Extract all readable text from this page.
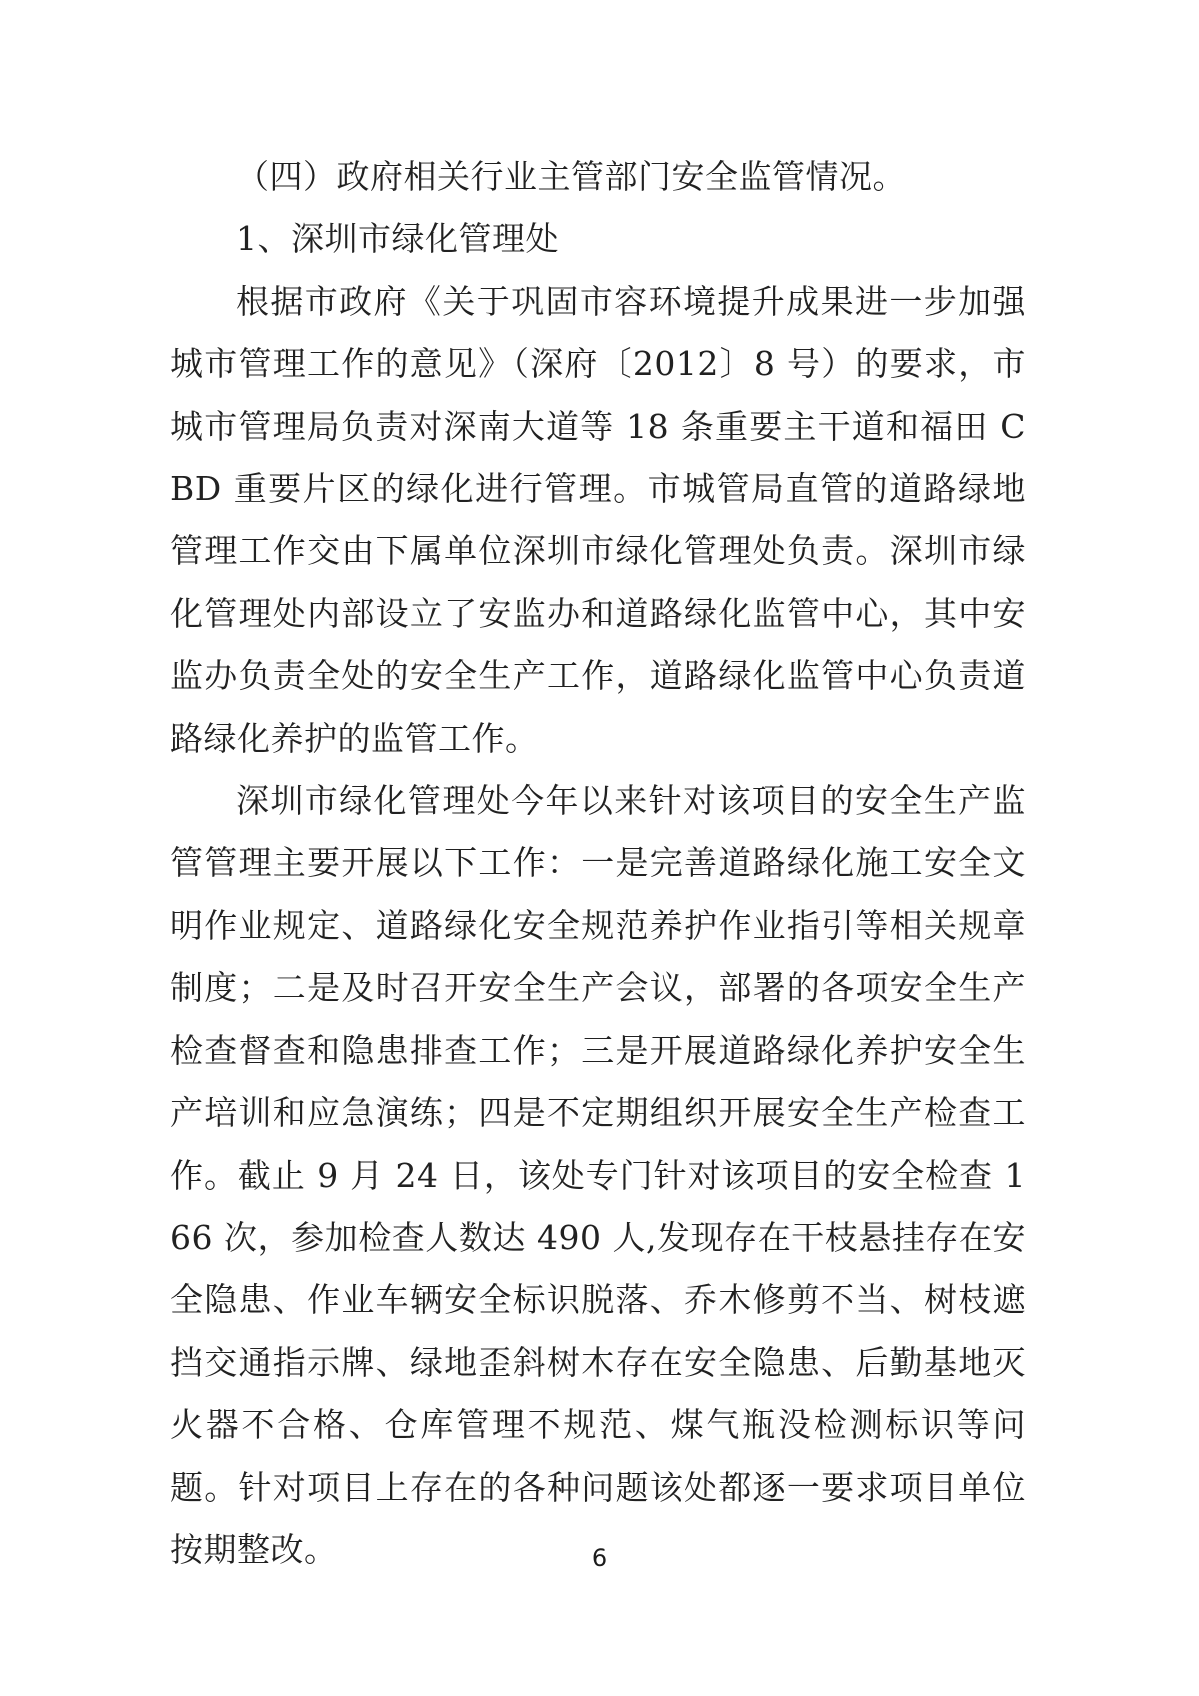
（四）政府相关行业主管部门安全监管情况。

1、深圳市绿化管理处

根据市政府《关于巩固市容环境提升成果进一步加强城市管理工作的意见》（深府〔2012〕8 号）的要求，市城市管理局负责对深南大道等 18 条重要主干道和福田 CBD 重要片区的绿化进行管理。市城管局直管的道路绿地管理工作交由下属单位深圳市绿化管理处负责。深圳市绿化管理处内部设立了安监办和道路绿化监管中心，其中安监办负责全处的安全生产工作，道路绿化监管中心负责道路绿化养护的监管工作。

深圳市绿化管理处今年以来针对该项目的安全生产监管管理主要开展以下工作：一是完善道路绿化施工安全文明作业规定、道路绿化安全规范养护作业指引等相关规章制度；二是及时召开安全生产会议，部署的各项安全生产检查督查和隐患排查工作；三是开展道路绿化养护安全生产培训和应急演练；四是不定期组织开展安全生产检查工作。截止 9 月 24 日，该处专门针对该项目的安全检查 166 次，参加检查人数达 490 人,发现存在干枝悬挂存在安全隐患、作业车辆安全标识脱落、乔木修剪不当、树枝遮挡交通指示牌、绿地歪斜树木存在安全隐患、后勤基地灭火器不合格、仓库管理不规范、煤气瓶没检测标识等问题。针对项目上存在的各种问题该处都逐一要求项目单位按期整改。	6
